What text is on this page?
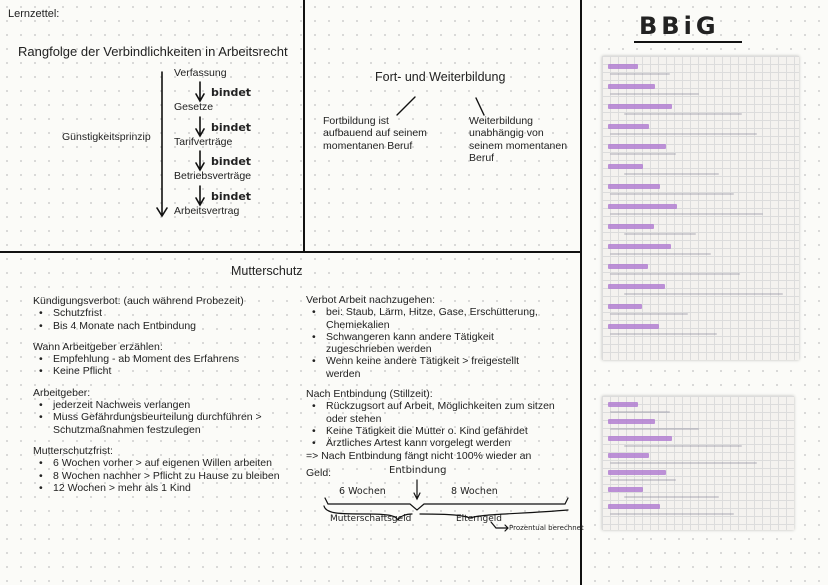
Lernzettel:
Rangfolge der Verbindlichkeiten in Arbeitsrecht
Günstigkeitsprinzip
Verfassung
Gesetze
Tarifverträge
Betriebsverträge
Arbeitsvertrag
bindet
bindet
bindet
bindet
Fort- und Weiterbildung

Fortbildung ist

aufbauend auf seinem

momentanen Beruf

Weiterbildung

unabhängig von

seinem momentanen

Beruf

Mutterschutz

Kündigungsverbot: (auch während Probezeit)

• Schutzfrist

• Bis 4 Monate nach Entbindung

Wann Arbeitgeber erzählen:

• Empfehlung - ab Moment des Erfahrens

• Keine Pflicht

Arbeitgeber:

• jederzeit Nachweis verlangen

• Muss Gefährdungsbeurteilung durchführen >

Schutzmaßnahmen festzulegen

Mutterschutzfrist:

• 6 Wochen vorher > auf eigenen Willen arbeiten

• 8 Wochen nachher > Pflicht zu Hause zu bleiben

• 12 Wochen > mehr als 1 Kind

Verbot Arbeit nachzugehen:

• bei: Staub, Lärm, Hitze, Gase, Erschütterung,

Chemiekalien

• Schwangeren kann andere Tätigkeit

zugeschrieben werden

• Wenn keine andere Tätigkeit > freigestellt

werden

Nach Entbindung (Stillzeit):

• Rückzugsort auf Arbeit, Möglichkeiten zum sitzen

oder stehen

• Keine Tätigkeit die Mutter o. Kind gefährdet

• Ärztliches Artest kann vorgelegt werden

=> Nach Entbindung fängt nicht 100% wieder an

Geld:	Entbindung
6 Wochen	8 Wochen
Mutterschaftsgeld	Elterngeld
Prozentual berechnet
BBiG
